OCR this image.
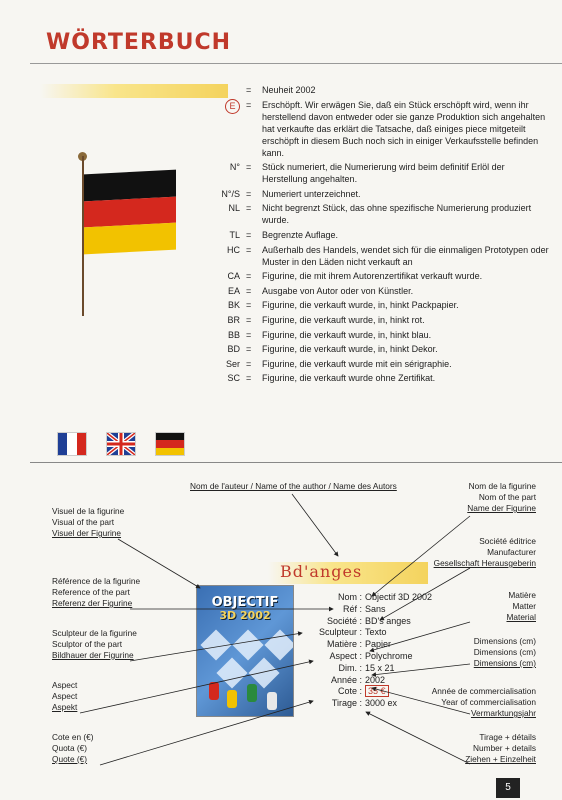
WÖRTERBUCH
=	Neuheit 2002
E	=	Erschöpft. Wir erwägen Sie, daß ein Stück erschöpft wird, wenn ihr herstellend davon entweder oder sie ganze Produktion sich angehalten hat verkaufte das erklärt die Tatsache, daß einiges piece mitgeteilt erschöpft in diesem Buch noch sich in einiger Verkaufsstelle befinden kann.
N° =	Stück numeriert, die Numerierung wird beim definitif Erlöl der Herstellung angehalten.
N°/S =	Numeriert unterzeichnet.
NL =	Nicht begrenzt Stück, das ohne spezifische Numerierung produziert wurde.
TL =	Begrenzte Auflage.
HC =	Außerhalb des Handels, wendet sich für die einmaligen Prototypen oder Muster in den Läden nicht verkauft an
CA =	Figurine, die mit ihrem Autorenzertifikat verkauft wurde.
EA =	Ausgabe von Autor oder von Künstler.
BK =	Figurine, die verkauft wurde, in, hinkt Packpapier.
BR =	Figurine, die verkauft wurde, in, hinkt rot.
BB =	Figurine, die verkauft wurde, in, hinkt blau.
BD =	Figurine, die verkauft wurde, in, hinkt Dekor.
Ser =	Figurine, die verkauft wurde mit ein sérigraphie.
SC =	Figurine, die verkauft wurde ohne Zertifikat.
Nom de l'auteur / Name of the author / Name des Autors
Visuel de la figurine
Visual of the part
Visuel der Figurine
Référence de la figurine
Reference of the part
Referenz der Figurine
Sculpteur de la figurine
Sculptor of the part
Bildhauer der Figurine
Aspect
Aspect
Aspekt
Cote en (€)
Quota (€)
Quote (€)
Nom de la figurine
Nom of the part
Name der Figurine
Société éditrice
Manufacturer
Gesellschaft Herausgeberin
Matière
Matter
Material
Dimensions (cm)
Dimensions (cm)
Dimensions (cm)
Année de commercialisation
Year of commercialisation
Vermarktungsjahr
Tirage + détails
Number + details
Ziehen + Einzelheit
Bd'anges
OBJECTIF
3D 2002
Nom : Objectif 3D 2002
Réf : Sans
Société : BD's anges
Sculpteur : Texto
Matière : Papier
Aspect : Polychrome
Dim. : 15 x 21
Année : 2002
Cote : 35 €
Tirage : 3000 ex
5
